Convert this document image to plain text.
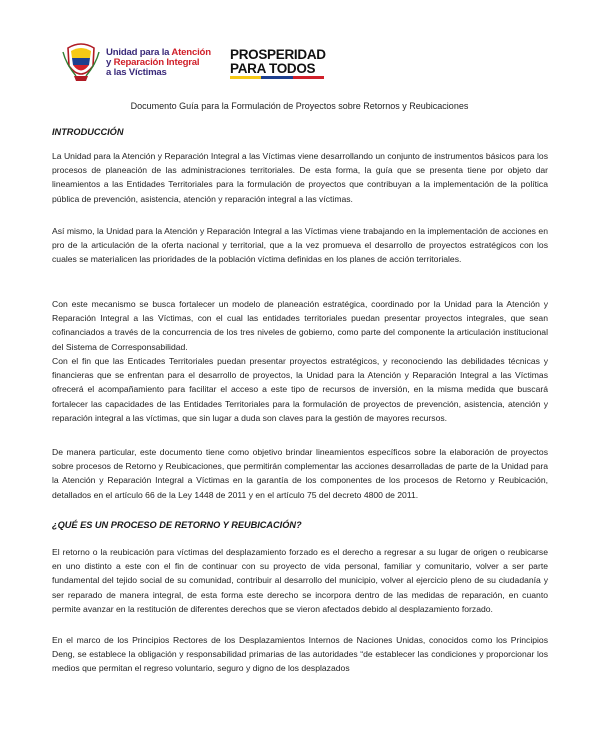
Unidad para la Atención
y Reparación Integral
a las Víctimas
PROSPERIDAD
PARA TODOS
Documento Guía para la Formulación de Proyectos sobre Retornos y Reubicaciones
INTRODUCCIÓN
La Unidad para la Atención y Reparación Integral a las Víctimas viene desarrollando un conjunto de instrumentos básicos para los procesos de planeación de las administraciones territoriales. De esta forma, la guía que se presenta tiene por objeto dar lineamientos a las Entidades Territoriales para la formulación de proyectos que contribuyan a la implementación de la política pública de prevención, asistencia, atención y reparación integral a las víctimas.
Así mismo, la Unidad para la Atención y Reparación Integral a las Víctimas viene trabajando en la implementación de acciones en pro de la articulación de la oferta nacional y territorial, que a la vez promueva el desarrollo de proyectos estratégicos con los cuales se materialicen las prioridades de la población víctima definidas en los planes de acción territoriales.
Con este mecanismo se busca fortalecer un modelo de planeación estratégica, coordinado por la Unidad para la Atención y Reparación Integral a las Víctimas, con el cual las entidades territoriales puedan presentar proyectos integrales, que sean cofinanciados a través de la concurrencia de los tres niveles de gobierno, como parte del componente la articulación institucional del Sistema de Corresponsabilidad.
Con el fin que las Enticades Territoriales puedan presentar proyectos estratégicos, y reconociendo las debilidades técnicas y financieras que se enfrentan para el desarrollo de proyectos, la Unidad para la Atención y Reparación Integral a las Víctimas ofrecerá el acompañamiento para facilitar el acceso a este tipo de recursos de inversión, en la misma medida que buscará fortalecer las capacidades de las Entidades Territoriales para la formulación de proyectos de prevención, asistencia, atención y reparación integral a las víctimas, que sin lugar a duda son claves para la gestión de mayores recursos.
De manera particular, este documento tiene como objetivo brindar lineamientos específicos sobre la elaboración de proyectos sobre procesos de Retorno y Reubicaciones, que permitirán complementar las acciones desarrolladas de parte de la Unidad para la Atención y Reparación Integral a Víctimas en la garantía de los componentes de los procesos de Retorno y Reubicación, detallados en el artículo 66 de la Ley 1448 de 2011 y en el artículo 75 del decreto 4800 de 2011.
¿QUÉ ES UN PROCESO DE RETORNO Y REUBICACIÓN?
El retorno o la reubicación para víctimas del desplazamiento forzado es el derecho a regresar a su lugar de origen o reubicarse en uno distinto a este con el fin de continuar con su proyecto de vida personal, familiar y comunitario, volver a ser parte fundamental del tejido social de su comunidad, contribuir al desarrollo del municipio, volver al ejercicio pleno de su ciudadanía y ser reparado de manera integral, de esta forma este derecho se incorpora dentro de las medidas de reparación, en cuanto permite avanzar en la restitución de diferentes derechos que se vieron afectados debido al desplazamiento forzado.
En el marco de los Principios Rectores de los Desplazamientos Internos de Naciones Unidas, conocidos como los Principios Deng, se establece la obligación y responsabilidad primarias de las autoridades “de establecer las condiciones y proporcionar los medios que permitan el regreso voluntario, seguro y digno de los desplazados
